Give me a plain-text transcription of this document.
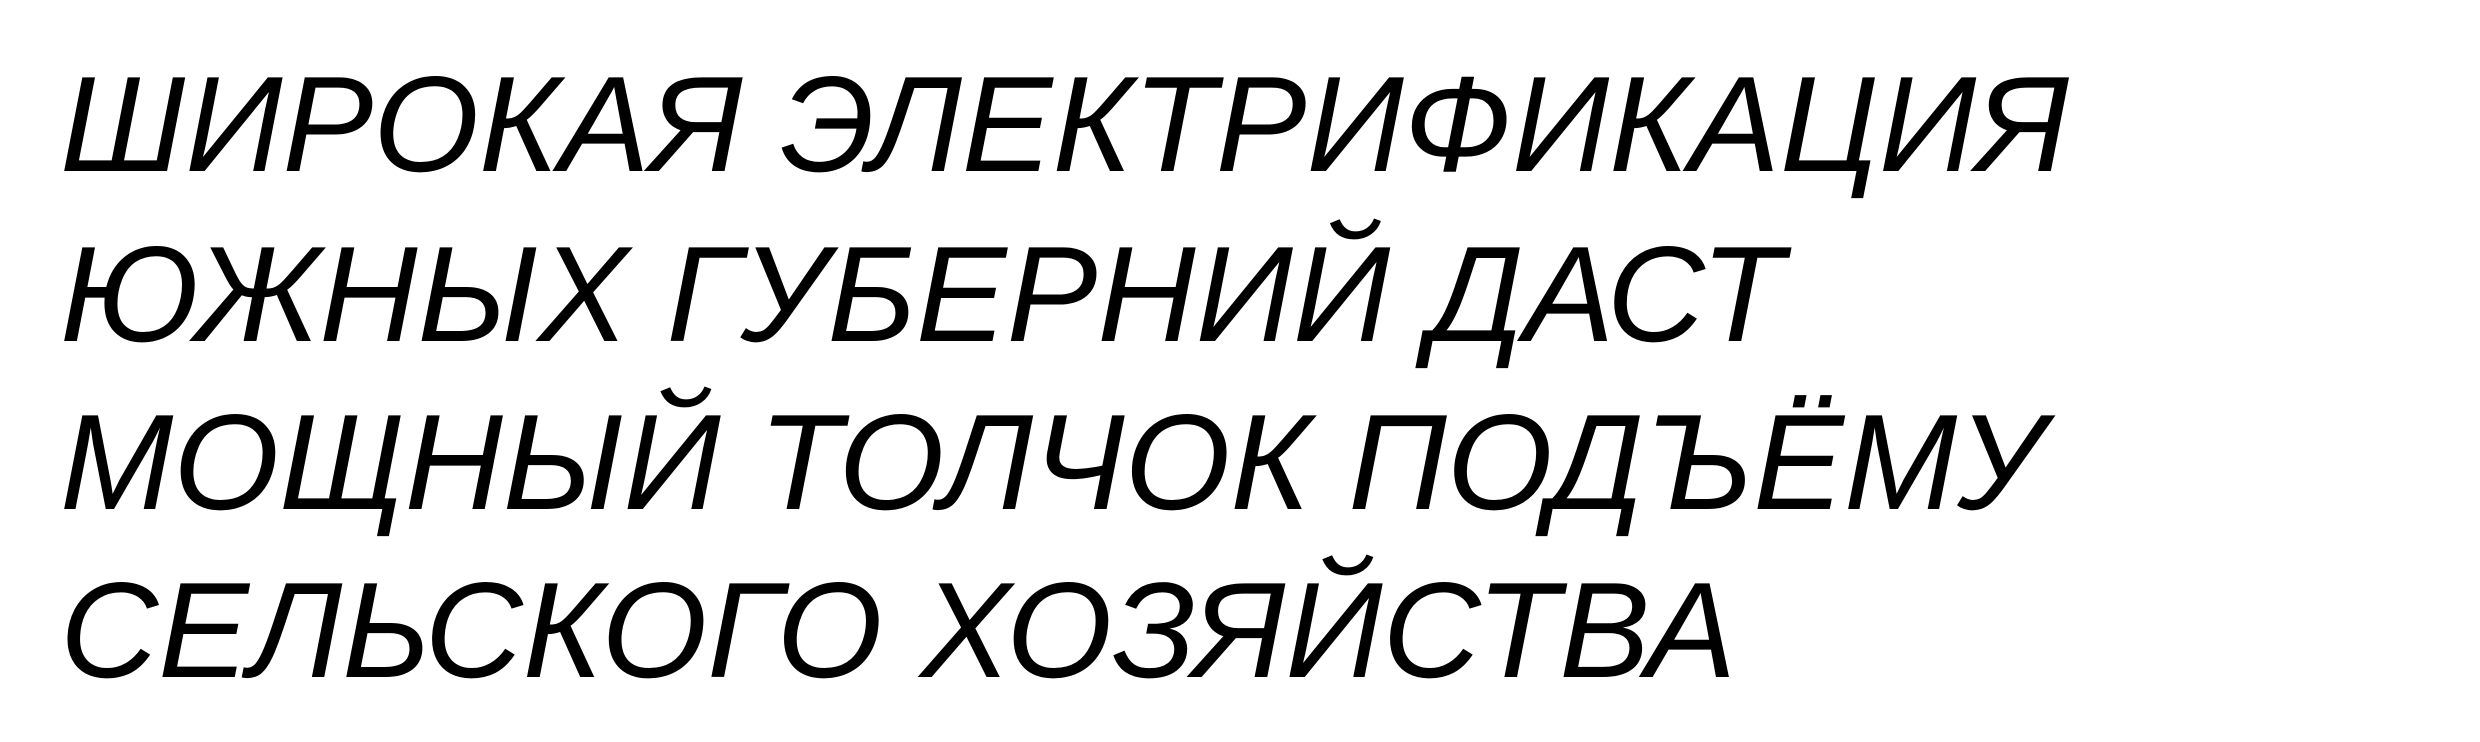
ШИРОКАЯ ЭЛЕКТРИФИКАЦИЯ

ЮЖНЫХ ГУБЕРНИЙ ДАСТ

МОЩНЫЙ ТОЛЧОК ПОДЪЁМУ

СЕЛЬСКОГО ХОЗЯЙСТВА
